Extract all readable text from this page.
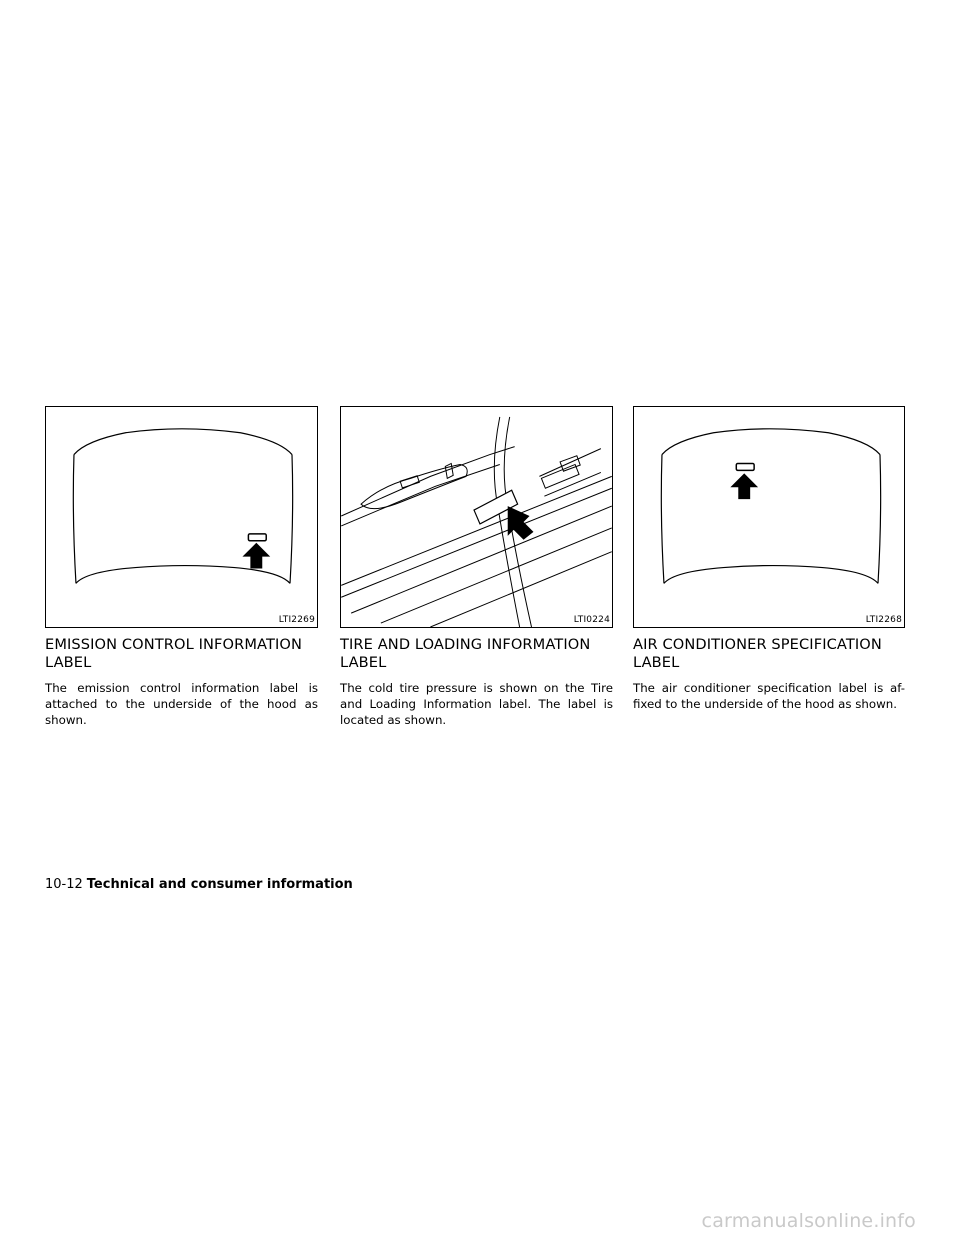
LTI2269
EMISSION CONTROL INFORMATION LABEL

The emission control information label is attached to the underside of the hood as shown.

LTI0224
TIRE AND LOADING INFORMATION LABEL

The cold tire pressure is shown on the Tire and Loading Information label. The label is located as shown.

LTI2268
AIR CONDITIONER SPECIFICATION LABEL

The air conditioner specification label is af-fixed to the underside of the hood as shown.

10-12 Technical and consumer information
carmanualsonline.info
